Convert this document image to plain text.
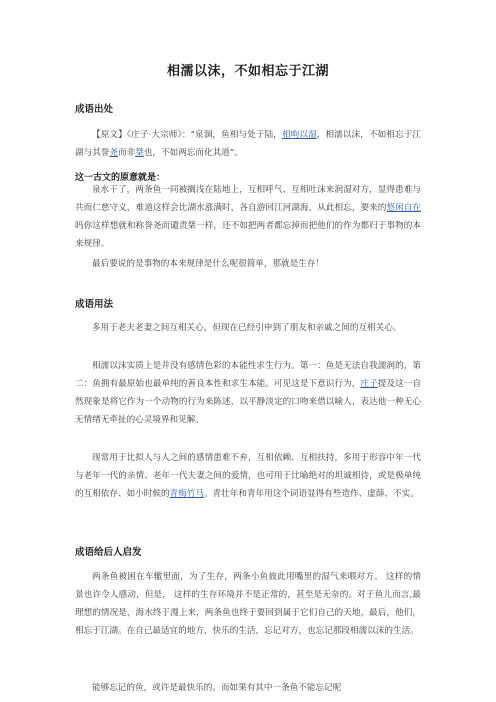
相濡以沫，不如相忘于江湖
成语出处

【原文】《庄子·大宗师》：“泉涸，鱼相与处于陆，相呴以湿，相濡以沫，不如相忘于江湖与其誉尧而非桀也，不如两忘而化其道”。

这一古文的原意就是：

泉水干了，两条鱼一同被搁浅在陆地上，互相呼气、互相吐沫来润湿对方，显得患难与共而仁慈守义，难道这样会比湖水涨满时，各自游回江河湖海，从此相忘，要来的悠闲自在吗你这样想就和称誉尧而谴责桀一样，还不如把两者都忘掉而把他们的作为都归于事物的本来规律。

最后要说的是事物的本来规律是什么呢很简单，那就是生存！

成语用法

多用于老夫老妻之间互相关心，但现在已经引申到了朋友和亲戚之间的互相关心。

相濡以沫实质上是并没有感情色彩的本能性求生行为。第一：鱼是无法自我濡润的，第二：鱼拥有最原始也最单纯的善良本性和求生本能。可见这是下意识行为，庄子提及这一自然现象是将它作为一个动物的行为来陈述，以平静淡定的口吻来借以喻人，表达他一种无心无情绪无牵扯的心灵境界和见解。

现常用于比拟人与人之间的感情患难不弃，互相依赖、互相扶持，多用于形容中年一代与老年一代的亲情、老年一代夫妻之间的爱情，也可用于比喻绝对的坦诚相待，或是极单纯的互相依存、如小时候的青梅竹马。青壮年和青年用这个词语显得有些造作、虚薛、不实。

成语给后人启发

两条鱼被困在车辙里面，为了生存，两条小鱼彼此用嘴里的湿气来喂对方。 这样的情景也许令人感动，但是， 这样的生存环境并不是正常的，甚至是无奈的。对于鱼儿而言,最理想的情况是，海水终于漫上来，两条鱼也终于要回到属于它们自己的天地，最后，他们，相忘于江湖。在自己最适宜的地方，快乐的生活，忘记对方，也忘记那段相濡以沫的生活。

能够忘记的鱼，或许是最快乐的。而如果有其中一条鱼不能忘记呢
